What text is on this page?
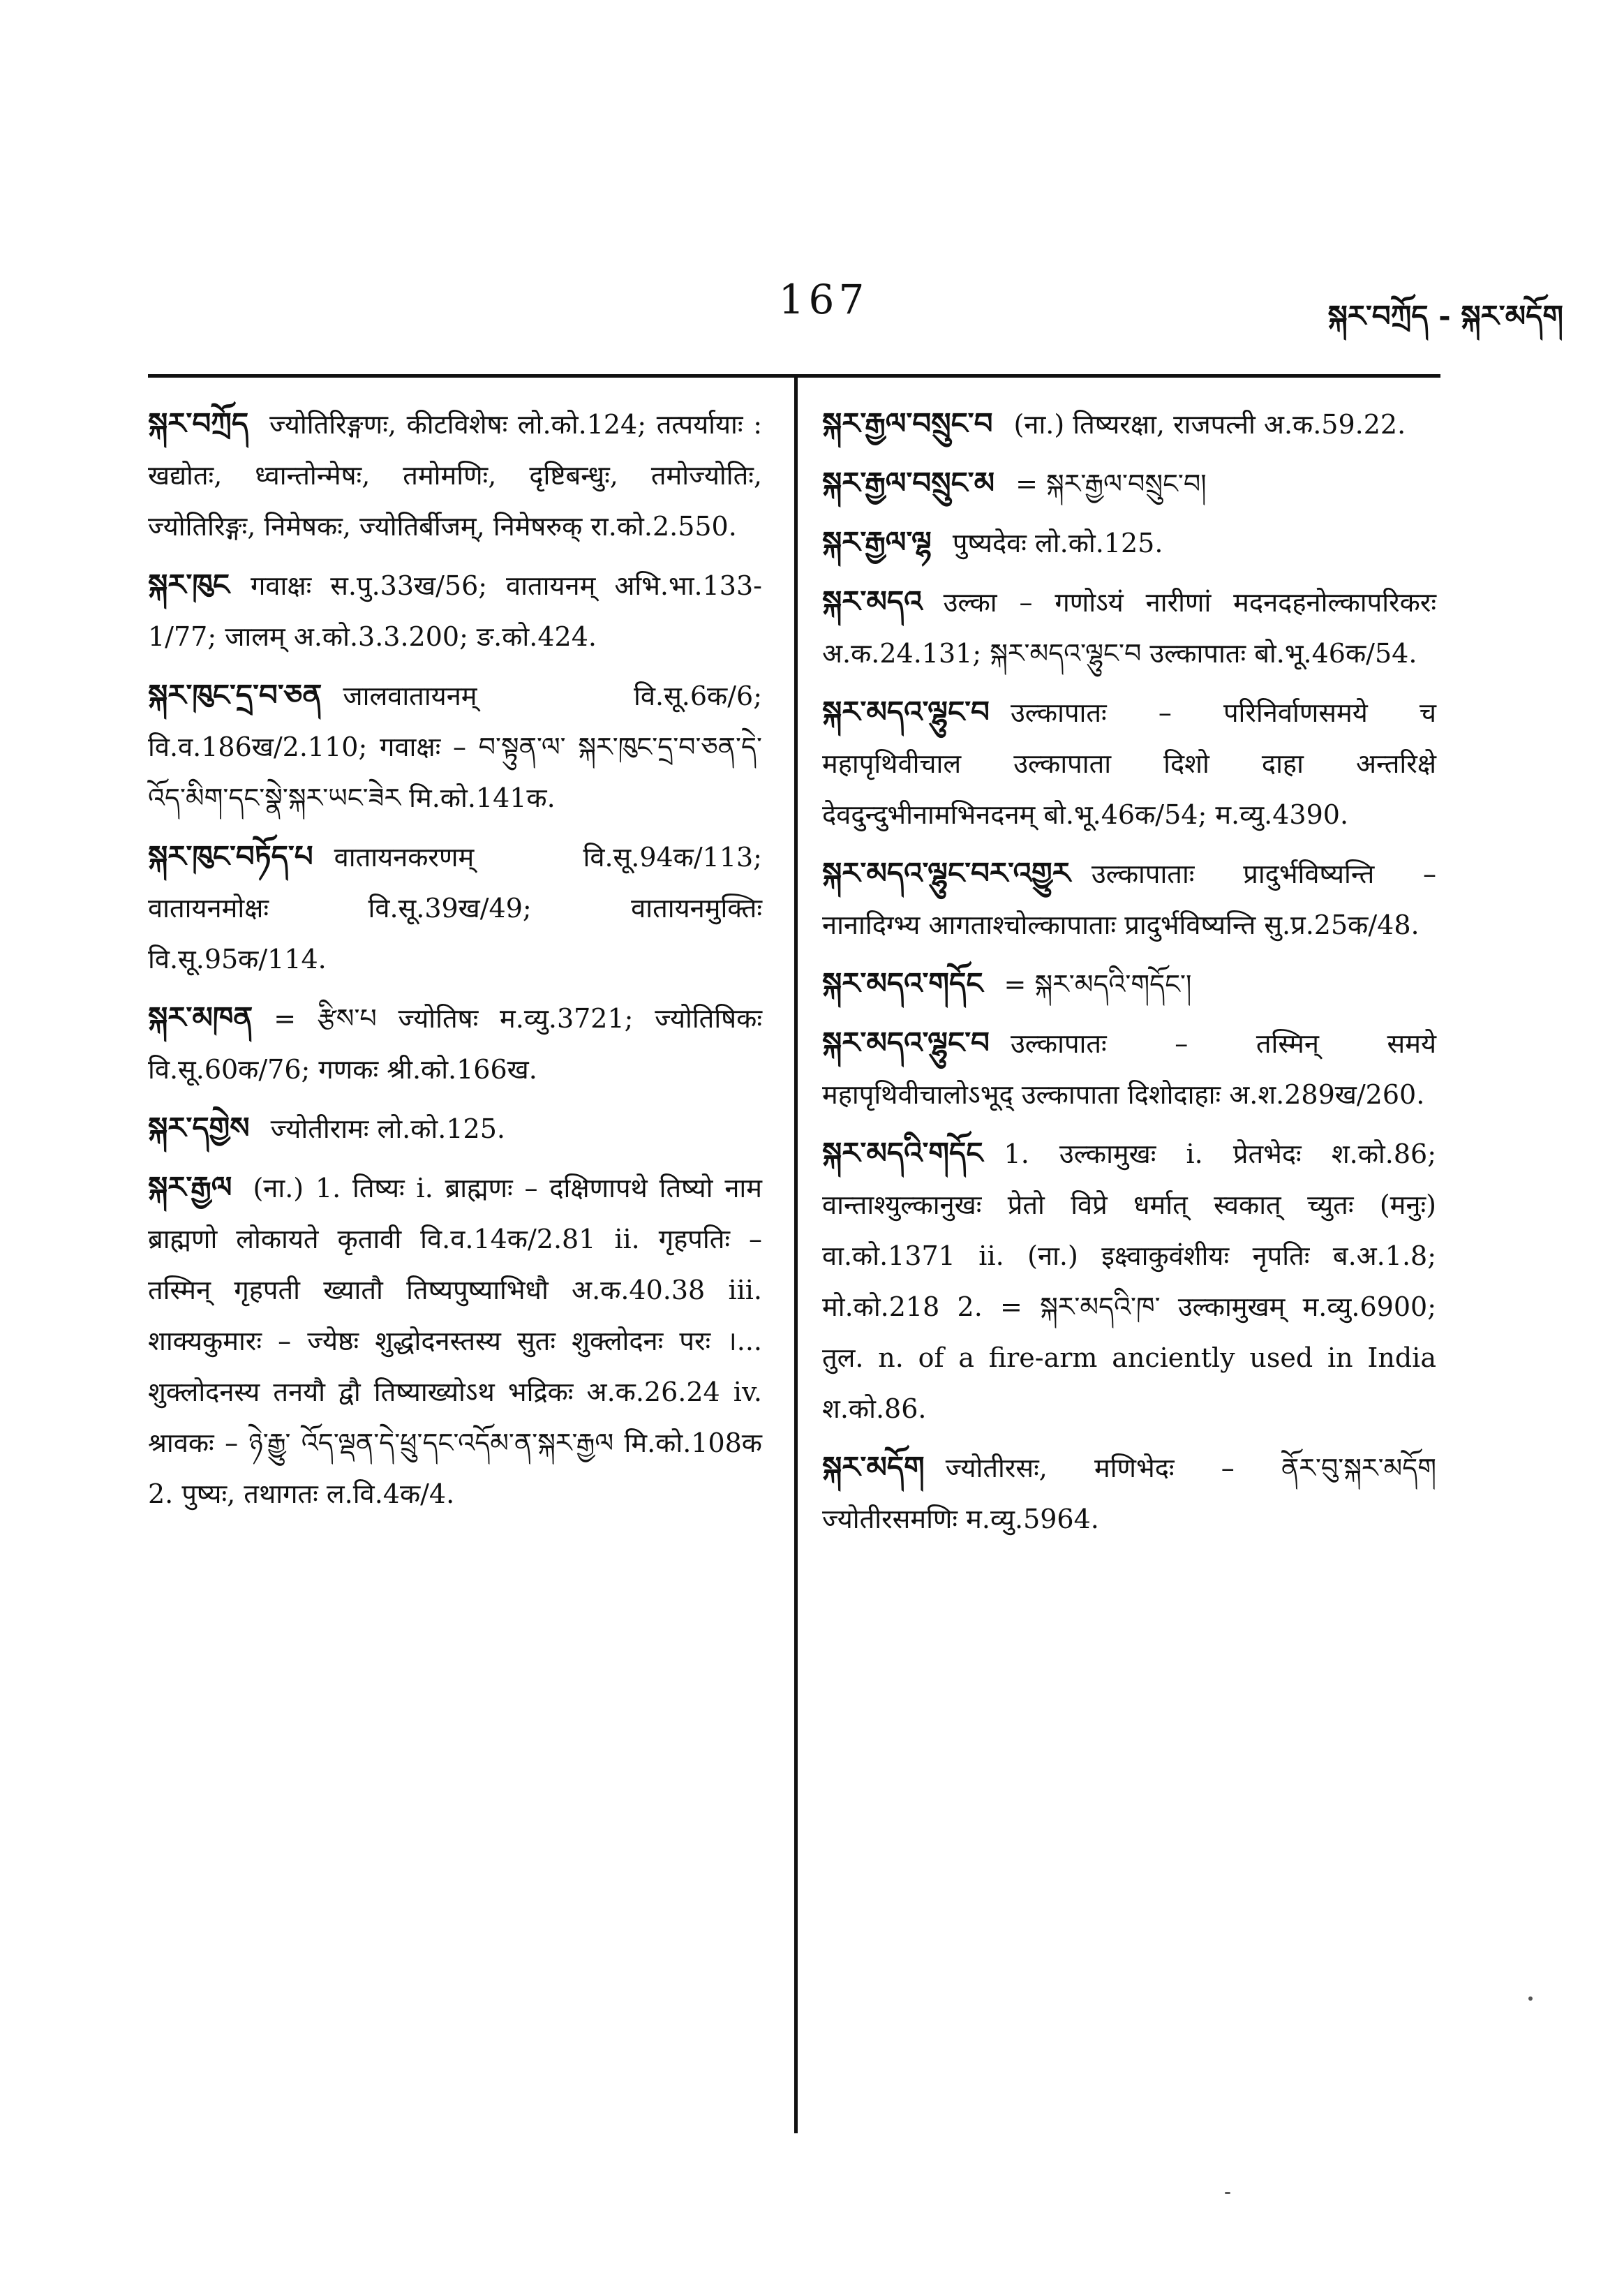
167	སྐར་བཀྲོད - སྐར་མདོག
སྐར་བཀྲོད ज्योतिरिङ्गणः, कीटविशेषः लो.को.124; तत्पर्यायाः : खद्योतः, ध्वान्तोन्मेषः, तमोमणिः, दृष्टिबन्धुः, तमोज्योतिः, ज्योतिरिङ्गः, निमेषकः, ज्योतिर्बीजम्, निमेषरुक् रा.को.2.550.
སྐར་ཁུང गवाक्षः स.पु.33ख/56; वातायनम् अभि.भा.133-1/77; जालम् अ.को.3.3.200; ङ.को.424.
སྐར་ཁུང་དྲ་བ་ཅན जालवातायनम् वि.सू.6क/6; वि.व.186ख/2.110; गवाक्षः – བ་སྟུན་ལ་ སྐར་ཁུང་དྲ་བ་ཅན་དེ་འོད་མིག་དང་སྣེ་སྐར་ཡང་ཟེར मि.को.141क.
སྐར་ཁུང་བཏོད་པ वातायनकरणम् वि.सू.94क/113; वातायनमोक्षः वि.सू.39ख/49; वातायनमुक्तिः वि.सू.95क/114.
སྐར་མཁན = རྩིས་པ ज्योतिषः म.व्यु.3721; ज्योतिषिकः वि.सू.60क/76; गणकः श्री.को.166ख.
སྐར་དགྱེས ज्योतीरामः लो.को.125.
སྐར་རྒྱལ (ना.) 1. तिष्यः i. ब्राह्मणः – दक्षिणापथे तिष्यो नाम ब्राह्मणो लोकायते कृतावी वि.व.14क/2.81 ii. गृहपतिः – तस्मिन् गृहपती ख्यातौ तिष्यपुष्याभिधौ अ.क.40.38 iii. शाक्यकुमारः – ज्येष्ठः शुद्धोदनस्तस्य सुतः शुक्लोदनः परः ।... शुक्लोदनस्य तनयौ द्वौ तिष्याख्योऽथ भद्रिकः अ.क.26.24 iv. श्रावकः – ཉེ་རྒྱུ་ འོད་ལྡན་དེ་ཕྲུ་དང་འདོམ་ན་སྐར་རྒྱལ मि.को.108क 2. पुष्यः, तथागतः ल.वि.4क/4.
སྐར་རྒྱལ་བསྲུང་བ (ना.) तिष्यरक्षा, राजपत्नी अ.क.59.22.
སྐར་རྒྱལ་བསྲུང་མ = སྐར་རྒྱལ་བསྲུང་བ།
སྐར་རྒྱལ་ལྷ पुष्यदेवः लो.को.125.
སྐར་མདའ उल्का – गणोऽयं नारीणां मदनदहनोल्कापरिकरः अ.क.24.131; སྐར་མདའ་ལྷུང་བ उल्कापातः बो.भू.46क/54.
སྐར་མདའ་ལྷུང་བ उल्कापातः – परिनिर्वाणसमये च महापृथिवीचाल उल्कापाता दिशो दाहा अन्तरिक्षे देवदुन्दुभीनामभिनदनम् बो.भू.46क/54; म.व्यु.4390.
སྐར་མདའ་ལྷུང་བར་འགྱུར उल्कापाताः प्रादुर्भविष्यन्ति – नानादिग्भ्य आगताश्चोल्कापाताः प्रादुर्भविष्यन्ति सु.प्र.25क/48.
སྐར་མདའ་གདོང = སྐར་མདའི་གདོང་།
སྐར་མདའ་ལྷུང་བ उल्कापातः – तस्मिन् समये महापृथिवीचालोऽभूद् उल्कापाता दिशोदाहाः अ.श.289ख/260.
སྐར་མདའི་གདོང 1. उल्कामुखः i. प्रेतभेदः श.को.86; वान्ताश्युल्कानुखः प्रेतो विप्रे धर्मात् स्वकात् च्युतः (मनुः) वा.को.1371 ii. (ना.) इक्ष्वाकुवंशीयः नृपतिः ब.अ.1.8; मो.को.218 2. = སྐར་མདའི་ཁ་ उल्कामुखम् म.व्यु.6900; तुल. n. of a fire-arm anciently used in India श.को.86.
སྐར་མདོག ज्योतीरसः, मणिभेदः – ནོར་བུ་སྐར་མདོག ज्योतीरसमणिः म.व्यु.5964.
